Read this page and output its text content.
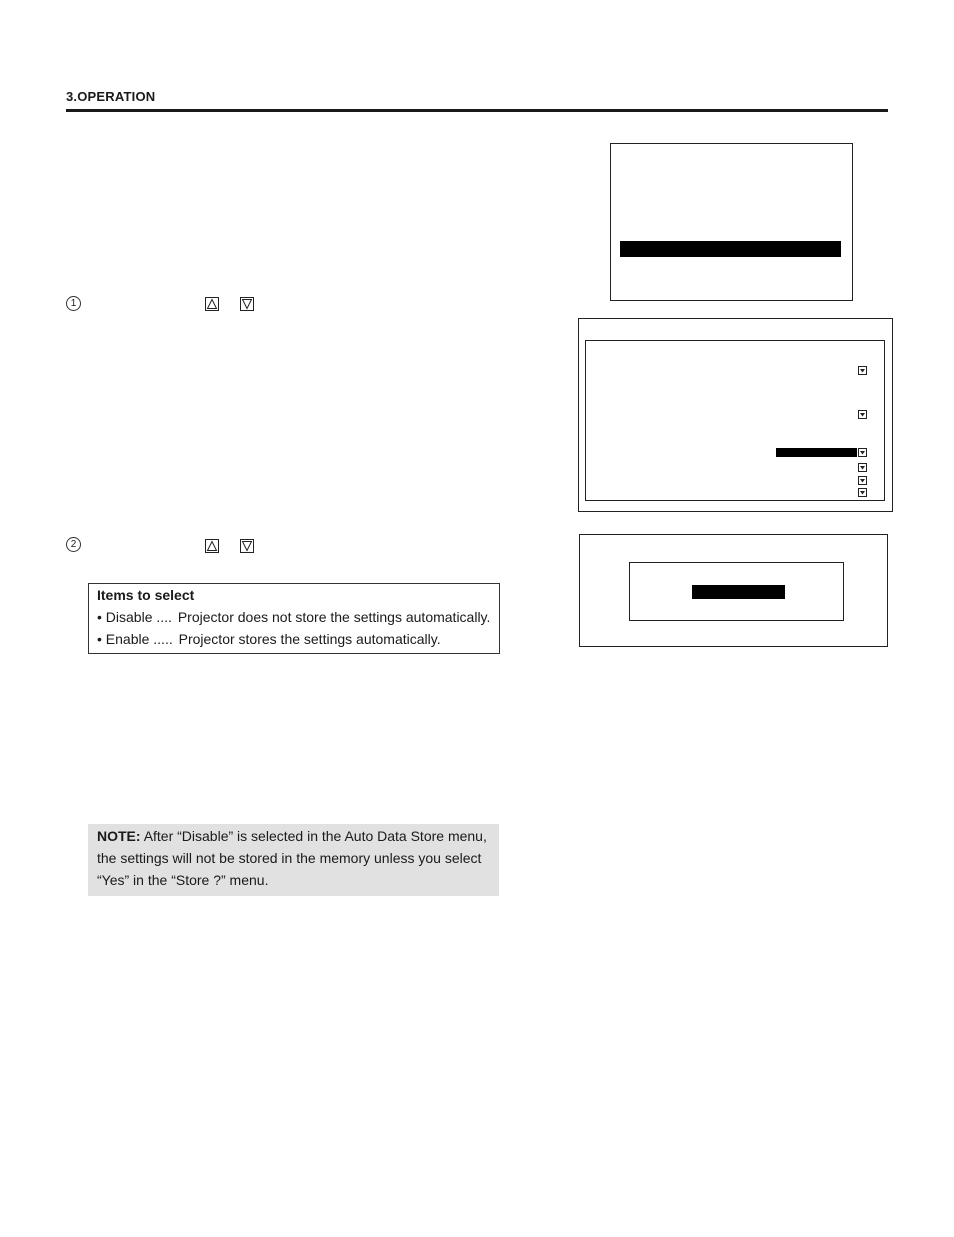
3.OPERATION
1
2
Items to select
• Disable .... Projector does not store the settings automatically.
• Enable ..... Projector stores the settings automatically.
NOTE: After “Disable” is selected in the Auto Data Store menu, the settings will not be stored in the memory unless you select “Yes” in the “Store ?” menu.
